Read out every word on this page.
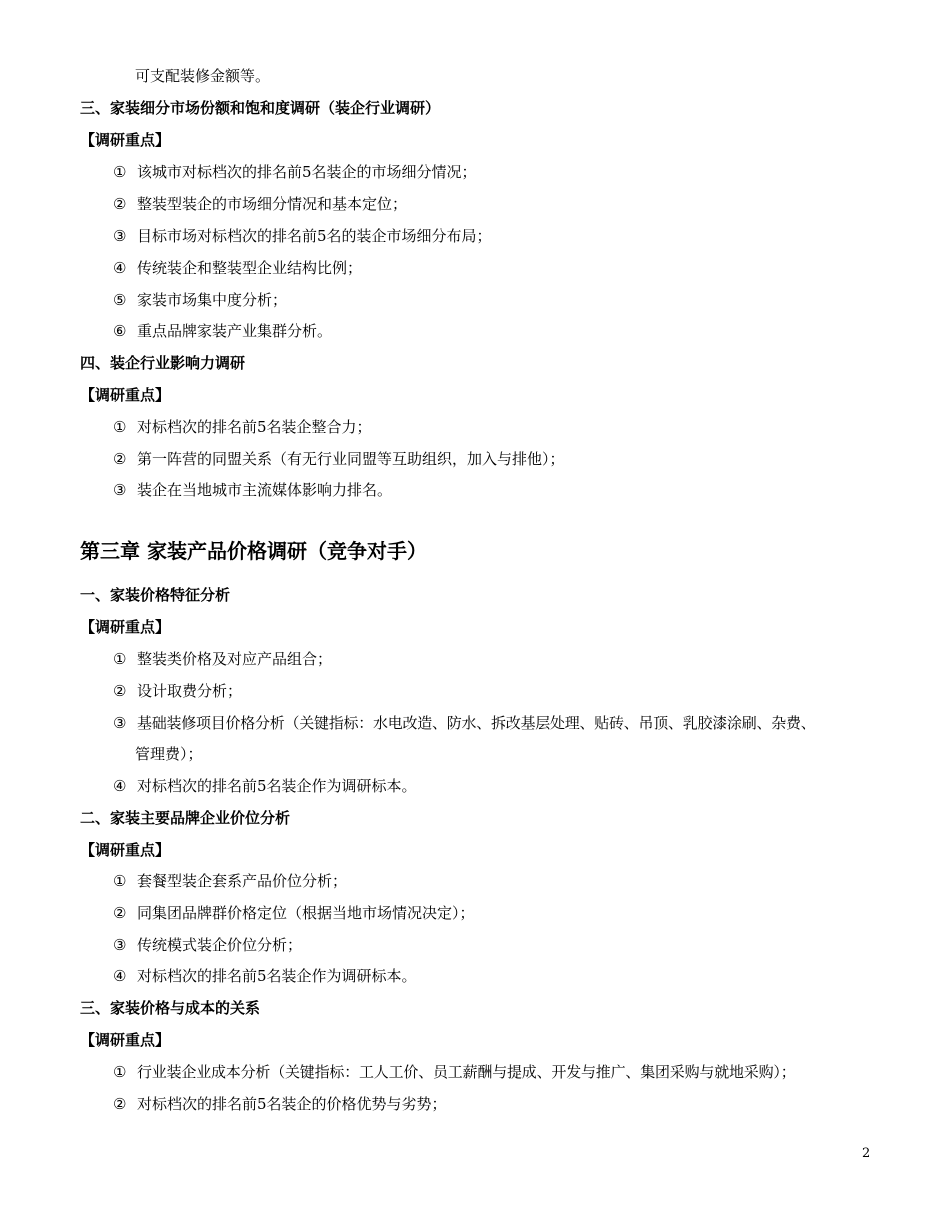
可支配装修金额等。
三、家装细分市场份额和饱和度调研（装企行业调研）
【调研重点】
① 该城市对标档次的排名前5名装企的市场细分情况；
② 整装型装企的市场细分情况和基本定位；
③ 目标市场对标档次的排名前5名的装企市场细分布局；
④ 传统装企和整装型企业结构比例；
⑤ 家装市场集中度分析；
⑥ 重点品牌家装产业集群分析。
四、装企行业影响力调研
【调研重点】
① 对标档次的排名前5名装企整合力；
② 第一阵营的同盟关系（有无行业同盟等互助组织，加入与排他）；
③ 装企在当地城市主流媒体影响力排名。
第三章 家装产品价格调研（竞争对手）
一、家装价格特征分析
【调研重点】
① 整装类价格及对应产品组合；
② 设计取费分析；
③ 基础装修项目价格分析（关键指标：水电改造、防水、拆改基层处理、贴砖、吊顶、乳胶漆涂刷、杂费、
管理费）；
④ 对标档次的排名前5名装企作为调研标本。
二、家装主要品牌企业价位分析
【调研重点】
① 套餐型装企套系产品价位分析；
② 同集团品牌群价格定位（根据当地市场情况决定）；
③ 传统模式装企价位分析；
④ 对标档次的排名前5名装企作为调研标本。
三、家装价格与成本的关系
【调研重点】
① 行业装企业成本分析（关键指标：工人工价、员工薪酬与提成、开发与推广、集团采购与就地采购）；
② 对标档次的排名前5名装企的价格优势与劣势；
2
